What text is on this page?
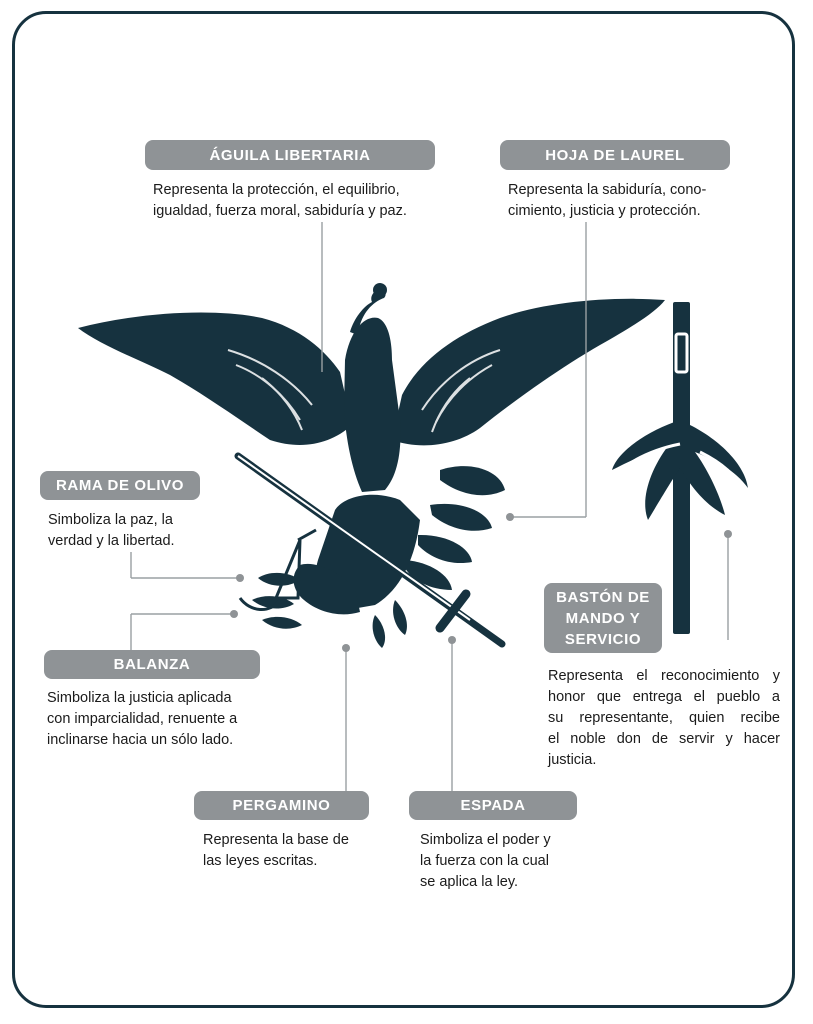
ÁGUILA LIBERTARIA
Representa la protección, el equilibrio,
igualdad, fuerza moral, sabiduría y paz.
HOJA DE LAUREL
Representa la sabiduría, cono-
cimiento, justicia y protección.
RAMA DE OLIVO
Simboliza la paz, la
verdad y la libertad.
BALANZA
Simboliza la justicia aplicada
con imparcialidad, renuente a
inclinarse hacia un sólo lado.
PERGAMINO
Representa la base de
las leyes escritas.
ESPADA
Simboliza el poder y
la fuerza con la cual
se aplica la ley.
BASTÓN DE
MANDO Y
SERVICIO
Representa el reconocimiento y
honor que entrega el pueblo a
su representante, quien recibe
el noble don de servir y hacer
justicia.
